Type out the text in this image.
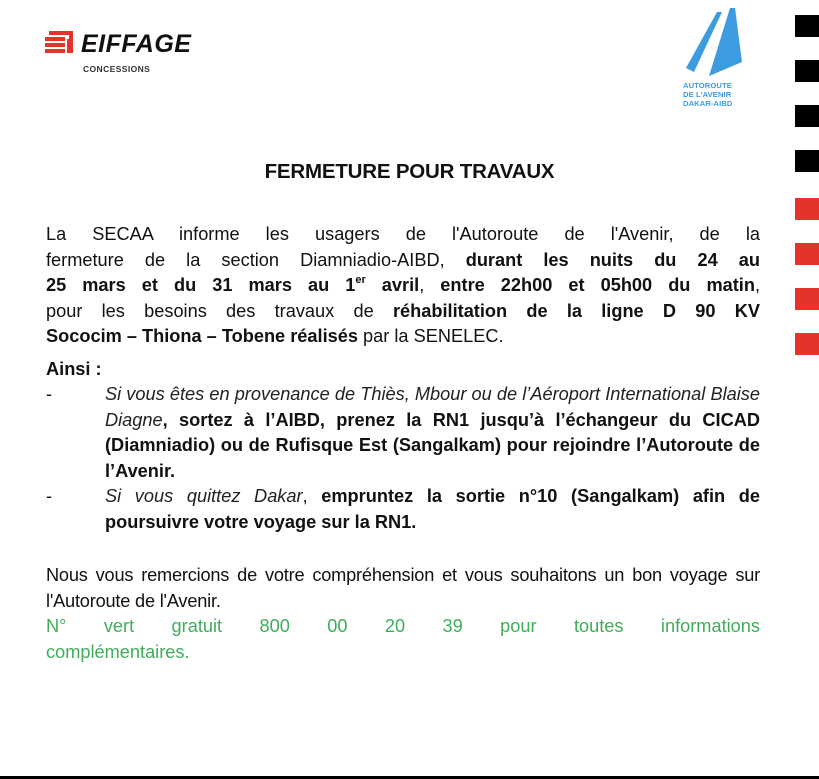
EIFFAGE
CONCESSIONS
AUTOROUTE
DE L'AVENIR
DAKAR-AIBD
FERMETURE POUR TRAVAUX
La SECAA informe les usagers de l'Autoroute de l'Avenir, de la
fermeture de la section Diamniadio-AIBD, durant les nuits du 24 au
25 mars et du 31 mars au 1er avril, entre 22h00 et 05h00 du matin,
pour les besoins des travaux de réhabilitation de la ligne D 90 KV
Sococim – Thiona – Tobene réalisés par la SENELEC.
Ainsi :
-	Si vous êtes en provenance de Thiès, Mbour ou de l’Aéroport International Blaise Diagne, sortez à l’AIBD, prenez la RN1 jusqu’à l’échangeur du CICAD (Diamniadio) ou de Rufisque Est (Sangalkam) pour rejoindre l’Autoroute de l’Avenir.
-	Si vous quittez Dakar, empruntez la sortie n°10 (Sangalkam) afin de poursuivre votre voyage sur la RN1.
Nous vous remercions de votre compréhension et vous souhaitons un bon voyage sur l'Autoroute de l'Avenir.
N° vert gratuit 800 00 20 39 pour toutes informations complémentaires.
